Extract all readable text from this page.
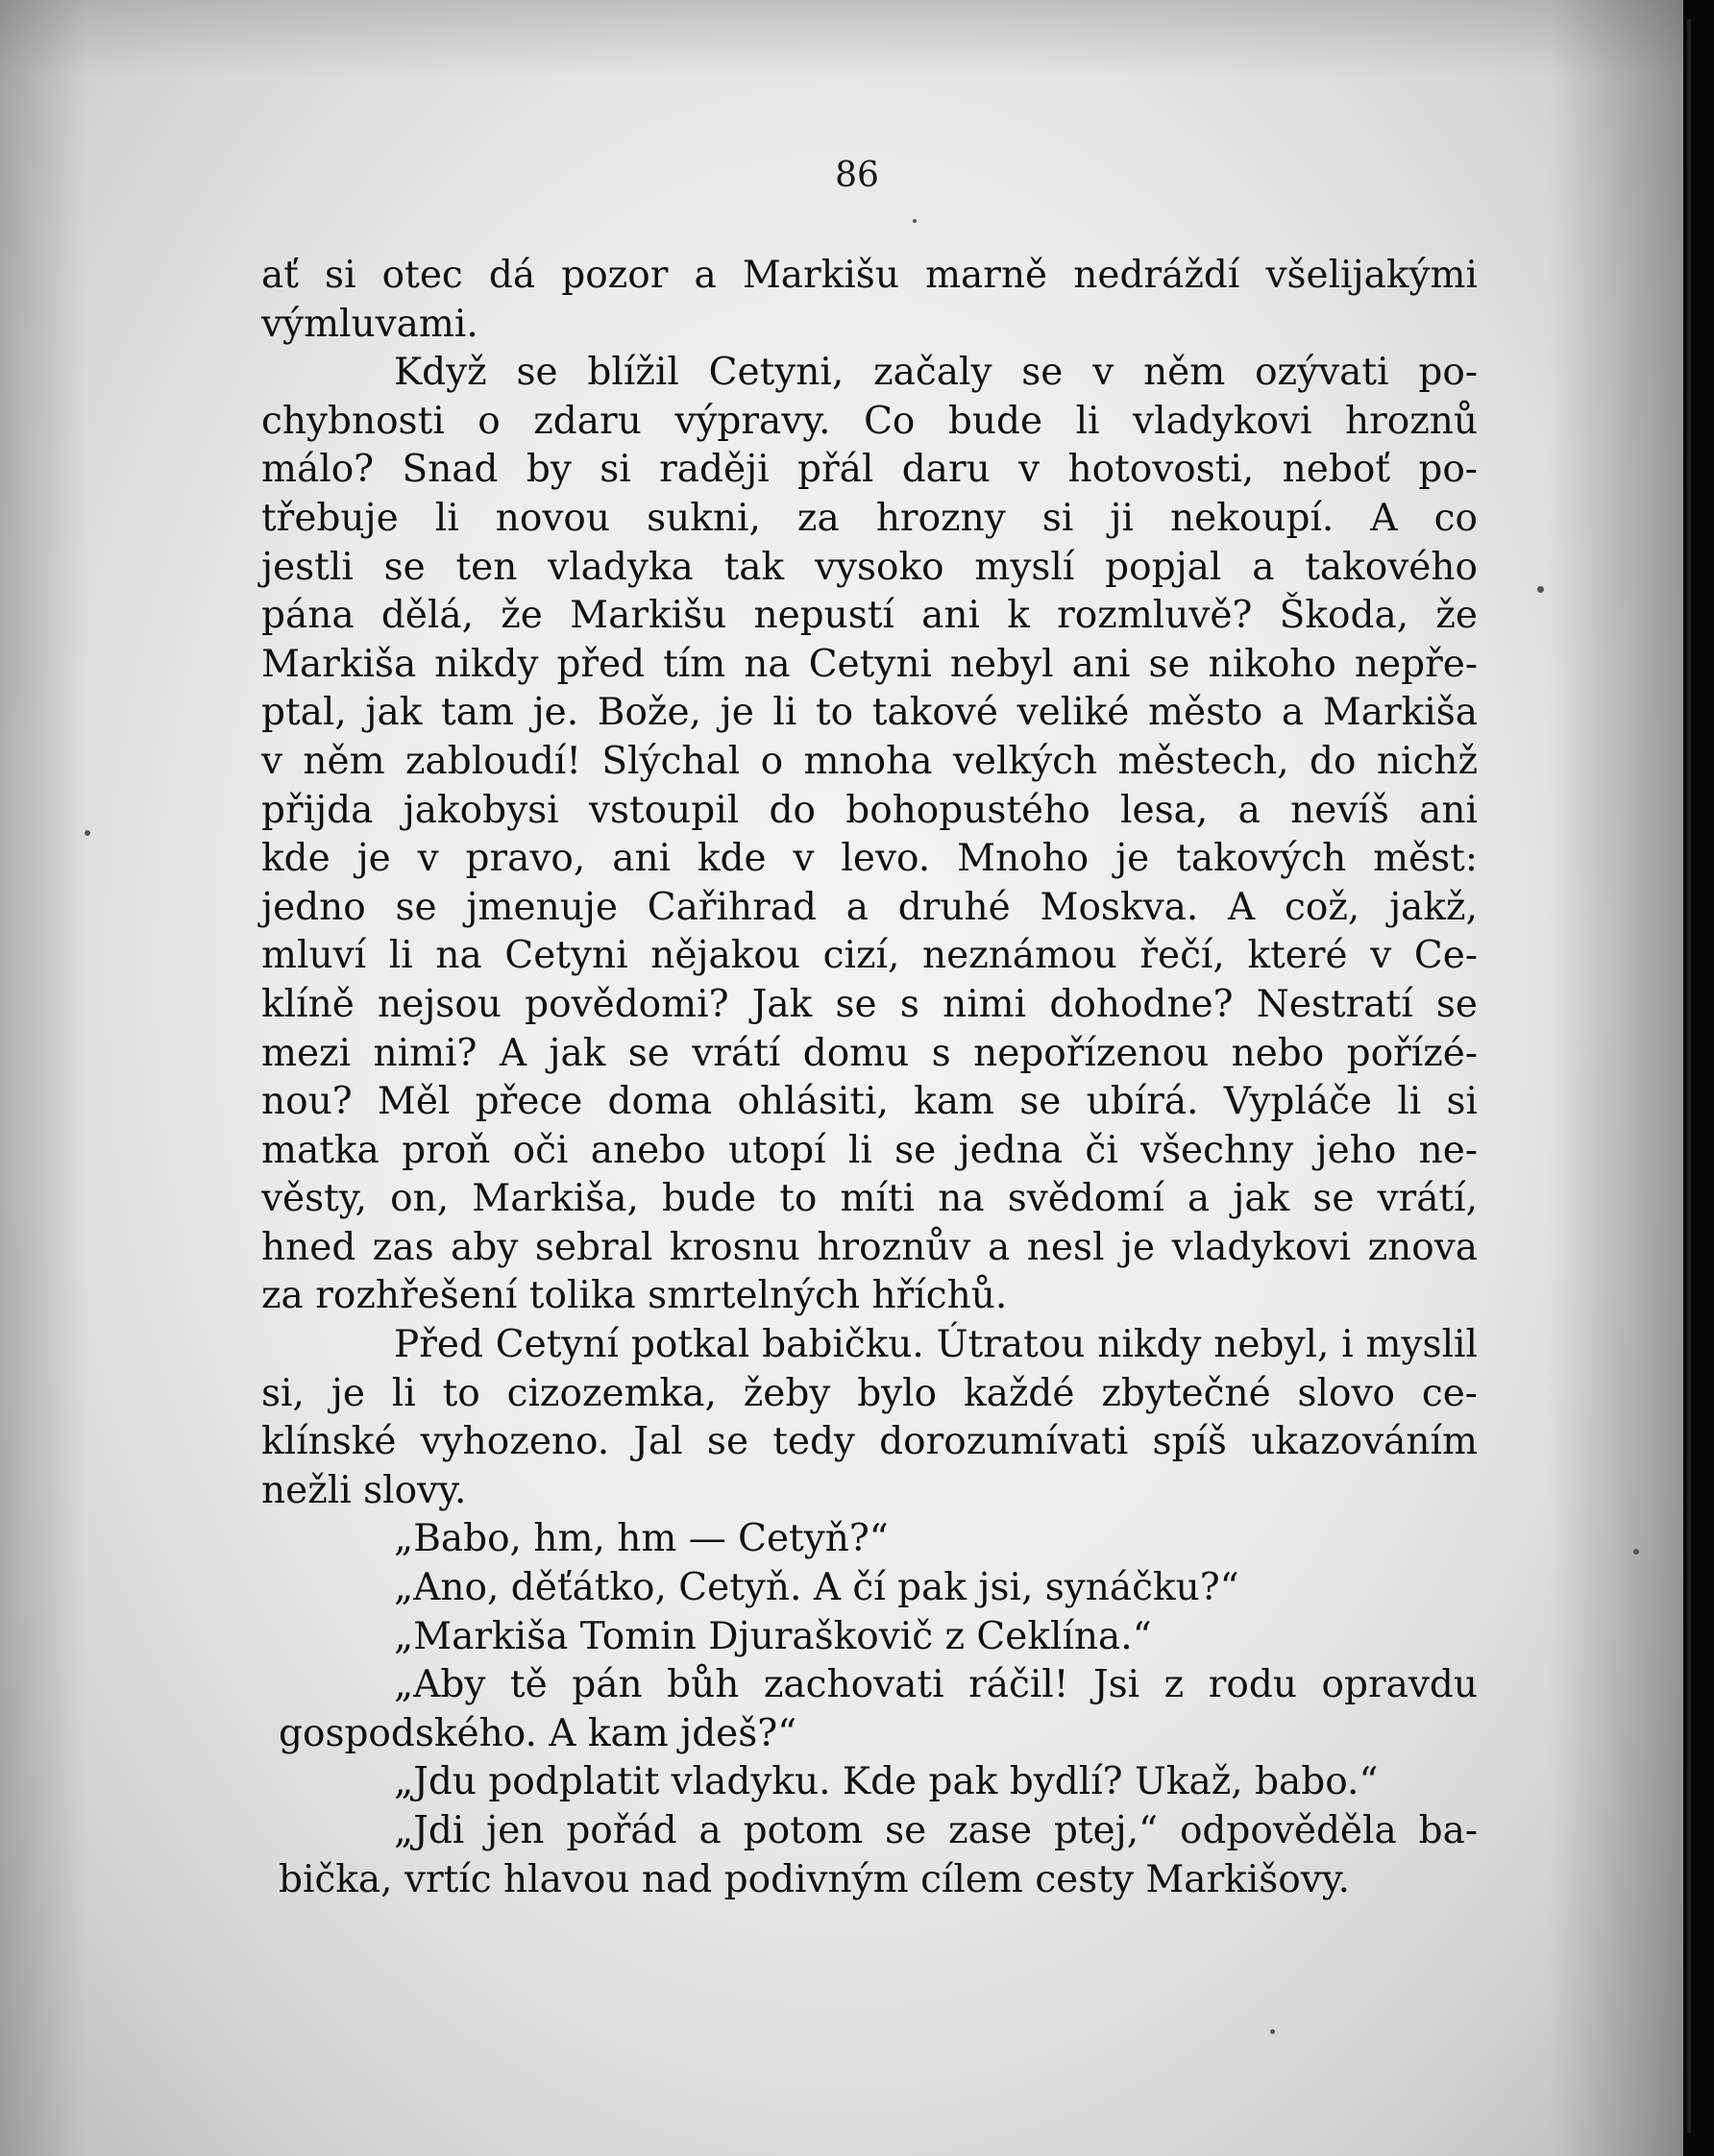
86
ať si otec dá pozor a Markišu marně nedráždí všelijakými
výmluvami.
Když se blížil Cetyni, začaly se v něm ozývati po-
chybnosti o zdaru výpravy. Co bude li vladykovi hroznů
málo? Snad by si raději přál daru v hotovosti, neboť po-
třebuje li novou sukni, za hrozny si ji nekoupí. A co
jestli se ten vladyka tak vysoko myslí popjal a takového
pána dělá, že Markišu nepustí ani k rozmluvě? Škoda, že
Markiša nikdy před tím na Cetyni nebyl ani se nikoho nepře-
ptal, jak tam je. Bože, je li to takové veliké město a Markiša
v něm zabloudí! Slýchal o mnoha velkých městech, do nichž
přijda jakobysi vstoupil do bohopustého lesa, a nevíš ani
kde je v pravo, ani kde v levo. Mnoho je takových měst:
jedno se jmenuje Cařihrad a druhé Moskva. A což, jakž,
mluví li na Cetyni nějakou cizí, neznámou řečí, které v Ce-
klíně nejsou povědomi? Jak se s nimi dohodne? Nestratí se
mezi nimi? A jak se vrátí domu s nepořízenou nebo pořízé-
nou? Měl přece doma ohlásiti, kam se ubírá. Vypláče li si
matka proň oči anebo utopí li se jedna či všechny jeho ne-
věsty, on, Markiša, bude to míti na svědomí a jak se vrátí,
hned zas aby sebral krosnu hroznův a nesl je vladykovi znova
za rozhřešení tolika smrtelných hříchů.
Před Cetyní potkal babičku. Útratou nikdy nebyl, i myslil
si, je li to cizozemka, žeby bylo každé zbytečné slovo ce-
klínské vyhozeno. Jal se tedy dorozumívati spíš ukazováním
nežli slovy.
„Babo, hm, hm — Cetyň?“
„Ano, děťátko, Cetyň. A čí pak jsi, synáčku?“
„Markiša Tomin Djuraškovič z Ceklína.“
„Aby tě pán bůh zachovati ráčil! Jsi z rodu opravdu
gospodského. A kam jdeš?“
„Jdu podplatit vladyku. Kde pak bydlí? Ukaž, babo.“
„Jdi jen pořád a potom se zase ptej,“ odpověděla ba-
bička, vrtíc hlavou nad podivným cílem cesty Markišovy.
